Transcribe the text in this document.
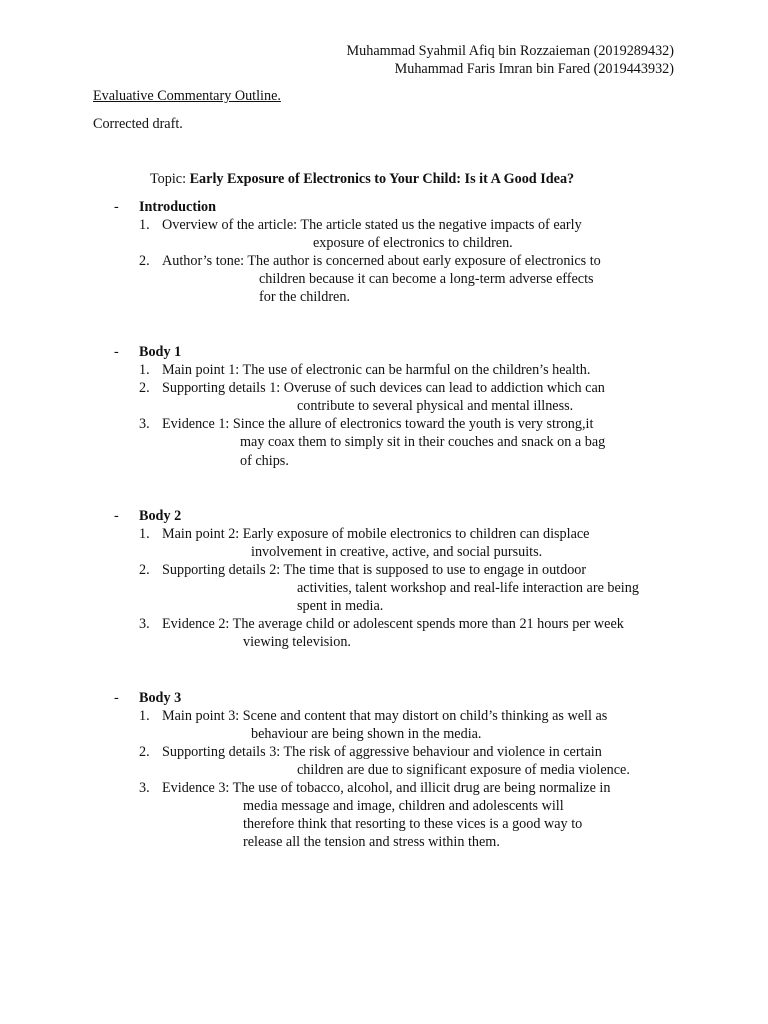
Muhammad Syahmil Afiq bin Rozzaieman (2019289432)
Muhammad Faris Imran bin Fared (2019443932)
Evaluative Commentary Outline.
Corrected draft.
Topic: Early Exposure of Electronics to Your Child: Is it A Good Idea?
- Introduction
1. Overview of the article: The article stated us the negative impacts of early
exposure of electronics to children.
2. Author’s tone: The author is concerned about early exposure of electronics to
children because it can become a long-term adverse effects
for the children.
- Body 1
1. Main point 1: The use of electronic can be harmful on the children’s health.
2. Supporting details 1: Overuse of such devices can lead to addiction which can
contribute to several physical and mental illness.
3. Evidence 1: Since the allure of electronics toward the youth is very strong,it
may coax them to simply sit in their couches and snack on a bag
of chips.
- Body 2
1. Main point 2: Early exposure of mobile electronics to children can displace
involvement in creative, active, and social pursuits.
2. Supporting details 2: The time that is supposed to use to engage in outdoor
activities, talent workshop and real-life interaction are being
spent in media.
3. Evidence 2: The average child or adolescent spends more than 21 hours per week
viewing television.
- Body 3
1. Main point 3: Scene and content that may distort on child’s thinking as well as
behaviour are being shown in the media.
2. Supporting details 3: The risk of aggressive behaviour and violence in certain
children are due to significant exposure of media violence.
3. Evidence 3: The use of tobacco, alcohol, and illicit drug are being normalize in
media message and image, children and adolescents will
therefore think that resorting to these vices is a good way to
release all the tension and stress within them.
